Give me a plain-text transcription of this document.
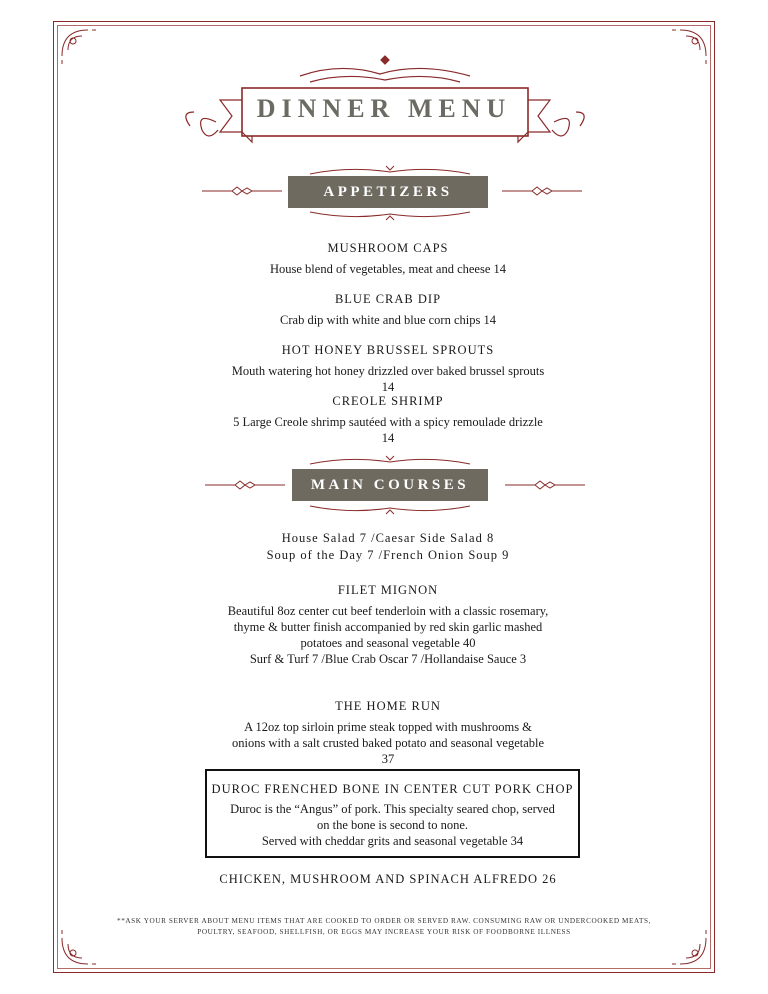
DINNER MENU
APPETIZERS
MUSHROOM CAPS
House blend of vegetables, meat and cheese 14
BLUE CRAB DIP
Crab dip with white and blue corn chips 14
HOT HONEY BRUSSEL SPROUTS
Mouth watering hot honey drizzled over baked brussel sprouts
14
CREOLE SHRIMP
5 Large Creole shrimp sautéed with a spicy remoulade drizzle
14
MAIN COURSES
House Salad 7 /Caesar Side Salad 8
Soup of the Day 7 /French Onion Soup 9
FILET MIGNON
Beautiful 8oz center cut beef tenderloin with a classic rosemary,
thyme & butter finish accompanied by red skin garlic mashed
potatoes and seasonal vegetable 40
Surf & Turf 7 /Blue Crab Oscar 7 /Hollandaise Sauce 3
THE HOME RUN
A 12oz top sirloin prime steak topped with mushrooms &
onions with a salt crusted baked potato and seasonal vegetable
37
DUROC FRENCHED BONE IN CENTER CUT PORK CHOP
Duroc is the “Angus” of pork. This specialty seared chop, served
on the bone is second to none.
Served with cheddar grits and seasonal vegetable 34
CHICKEN, MUSHROOM AND SPINACH ALFREDO 26
**ASK YOUR SERVER ABOUT MENU ITEMS THAT ARE COOKED TO ORDER OR SERVED RAW. CONSUMING RAW OR UNDERCOOKED MEATS,
POULTRY, SEAFOOD, SHELLFISH, OR EGGS MAY INCREASE YOUR RISK OF FOODBORNE ILLNESS
